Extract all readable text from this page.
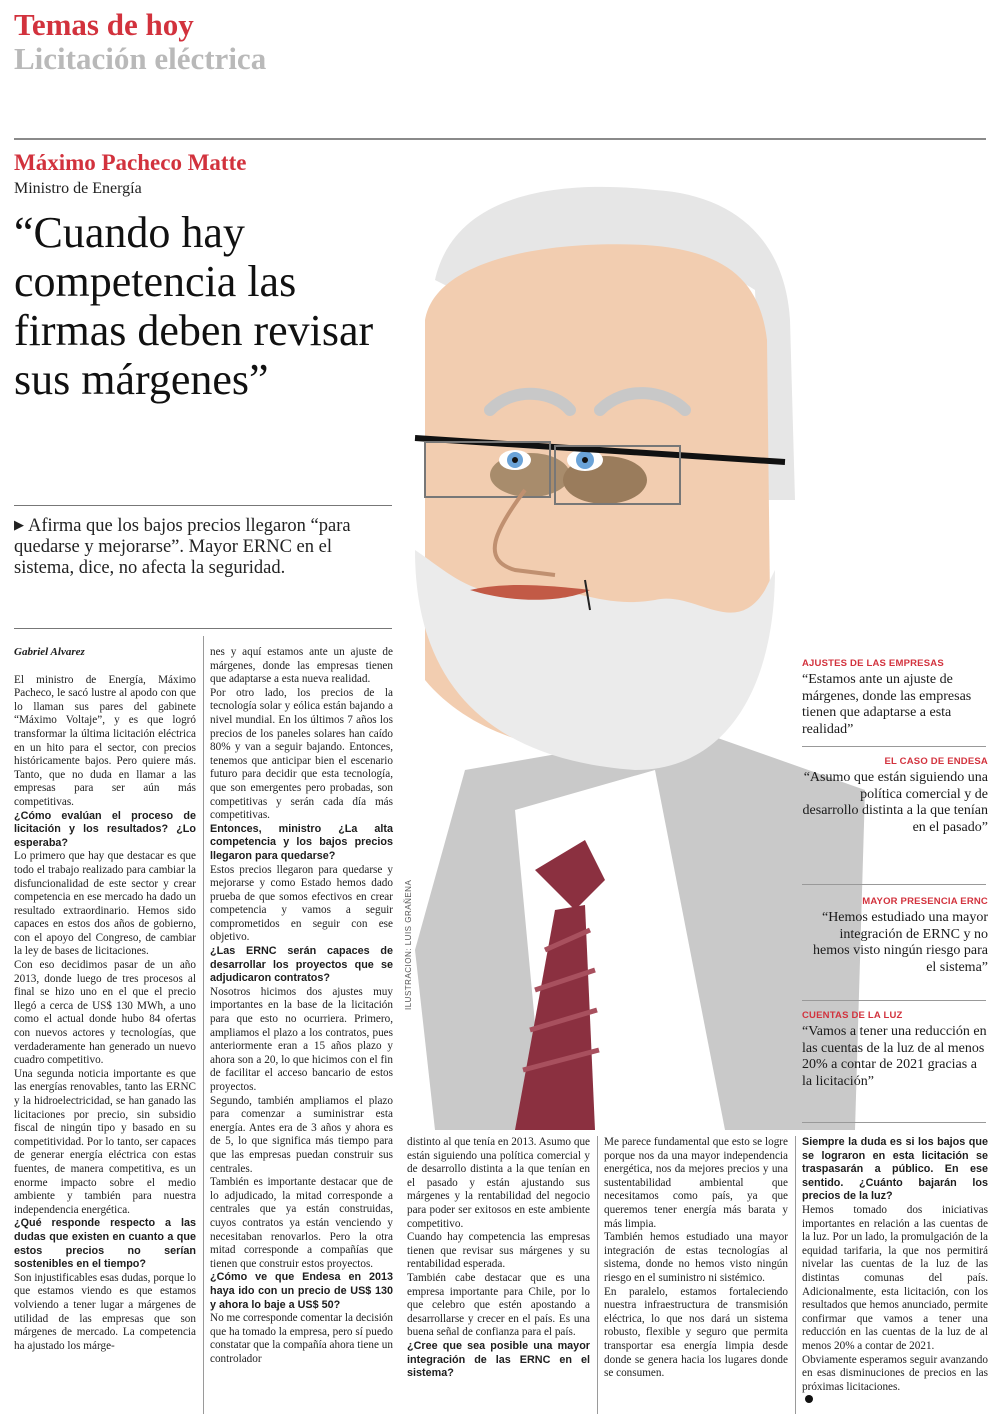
Temas de hoy
Licitación eléctrica
Máximo Pacheco Matte
Ministro de Energía
“Cuando hay competencia las firmas deben revisar sus márgenes”
▶ Afirma que los bajos precios llegaron “para quedarse y mejorarse”. Mayor ERNC en el sistema, dice, no afecta la seguridad.
ILUSTRACION: LUIS GRAÑENA
AJUSTES DE LAS EMPRESAS
“Estamos ante un ajuste de márgenes, donde las empresas tienen que adaptarse a esta realidad”
EL CASO DE ENDESA
“Asumo que están siguiendo una política comercial y de desarrollo distinta a la que tenían en el pasado”
MAYOR PRESENCIA ERNC
“Hemos estudiado una mayor integración de ERNC y no hemos visto ningún riesgo para el sistema”
CUENTAS DE LA LUZ
“Vamos a tener una reducción en las cuentas de la luz de al menos 20% a contar de 2021 gracias a la licitación”

Gabriel Alvarez

El ministro de Energía, Máximo Pacheco, le sacó lustre al apodo con que lo llaman sus pares del gabinete “Máximo Voltaje”, y es que logró transformar la última licitación eléctrica en un hito para el sector, con precios históricamente bajos. Pero quiere más. Tanto, que no duda en llamar a las empresas para ser aún más competitivas.

¿Cómo evalúan el proceso de licitación y los resultados? ¿Lo esperaba?

Lo primero que hay que destacar es que todo el trabajo realizado para cambiar la disfuncionalidad de este sector y crear competencia en ese mercado ha dado un resultado extraordinario. Hemos sido capaces en estos dos años de gobierno, con el apoyo del Congreso, de cambiar la ley de bases de licitaciones.

Con eso decidimos pasar de un año 2013, donde luego de tres procesos al final se hizo uno en el que el precio llegó a cerca de US$ 130 MWh, a uno como el actual donde hubo 84 ofertas con nuevos actores y tecnologías, que verdaderamente han generado un nuevo cuadro competitivo.

Una segunda noticia importante es que las energías renovables, tanto las ERNC y la hidroelectricidad, se han ganado las licitaciones por precio, sin subsidio fiscal de ningún tipo y basado en su competitividad. Por lo tanto, ser capaces de generar energía eléctrica con estas fuentes, de manera competitiva, es un enorme impacto sobre el medio ambiente y también para nuestra independencia energética.

¿Qué responde respecto a las dudas que existen en cuanto a que estos precios no serían sostenibles en el tiempo?

Son injustificables esas dudas, porque lo que estamos viendo es que estamos volviendo a tener lugar a márgenes de utilidad de las empresas que son márgenes de mercado. La competencia ha ajustado los márge-

nes y aquí estamos ante un ajuste de márgenes, donde las empresas tienen que adaptarse a esta nueva realidad.

Por otro lado, los precios de la tecnología solar y eólica están bajando a nivel mundial. En los últimos 7 años los precios de los paneles solares han caído 80% y van a seguir bajando. Entonces, tenemos que anticipar bien el escenario futuro para decidir que esta tecnología, que son emergentes pero probadas, son competitivas y serán cada día más competitivas.

Entonces, ministro ¿La alta competencia y los bajos precios llegaron para quedarse?

Estos precios llegaron para quedarse y mejorarse y como Estado hemos dado prueba de que somos efectivos en crear competencia y vamos a seguir comprometidos en seguir con ese objetivo.

¿Las ERNC serán capaces de desarrollar los proyectos que se adjudicaron contratos?

Nosotros hicimos dos ajustes muy importantes en la base de la licitación para que esto no ocurriera. Primero, ampliamos el plazo a los contratos, pues anteriormente eran a 15 años plazo y ahora son a 20, lo que hicimos con el fin de facilitar el acceso bancario de estos proyectos.

Segundo, también ampliamos el plazo para comenzar a suministrar esta energía. Antes era de 3 años y ahora es de 5, lo que significa más tiempo para que las empresas puedan construir sus centrales.

También es importante destacar que de lo adjudicado, la mitad corresponde a centrales que ya están construidas, cuyos contratos ya están venciendo y necesitaban renovarlos. Pero la otra mitad corresponde a compañías que tienen que construir estos proyectos.

¿Cómo ve que Endesa en 2013 haya ido con un precio de US$ 130 y ahora lo baje a US$ 50?

No me corresponde comentar la decisión que ha tomado la empresa, pero sí puedo constatar que la compañía ahora tiene un controlador

distinto al que tenía en 2013. Asumo que están siguiendo una política comercial y de desarrollo distinta a la que tenían en el pasado y están ajustando sus márgenes y la rentabilidad del negocio para poder ser exitosos en este ambiente competitivo.

Cuando hay competencia las empresas tienen que revisar sus márgenes y su rentabilidad esperada.

También cabe destacar que es una empresa importante para Chile, por lo que celebro que estén apostando a desarrollarse y crecer en el país. Es una buena señal de confianza para el país.

¿Cree que sea posible una mayor integración de las ERNC en el sistema?

Me parece fundamental que esto se logre porque nos da una mayor independencia energética, nos da mejores precios y una sustentabilidad ambiental que necesitamos como país, ya que queremos tener energía más barata y más limpia.

También hemos estudiado una mayor integración de estas tecnologías al sistema, donde no hemos visto ningún riesgo en el suministro ni sistémico.

En paralelo, estamos fortaleciendo nuestra infraestructura de transmisión eléctrica, lo que nos dará un sistema robusto, flexible y seguro que permita transportar esa energía limpia desde donde se genera hacia los lugares donde se consumen.

Siempre la duda es si los bajos que se lograron en esta licitación se traspasarán a público. En ese sentido. ¿Cuánto bajarán los precios de la luz?

Hemos tomado dos iniciativas importantes en relación a las cuentas de la luz. Por un lado, la promulgación de la equidad tarifaria, la que nos permitirá nivelar las cuentas de la luz de las distintas comunas del país. Adicionalmente, esta licitación, con los resultados que hemos anunciado, permite confirmar que vamos a tener una reducción en las cuentas de la luz de al menos 20% a contar de 2021.

Obviamente esperamos seguir avanzando en esas disminuciones de precios en las próximas licitaciones.
